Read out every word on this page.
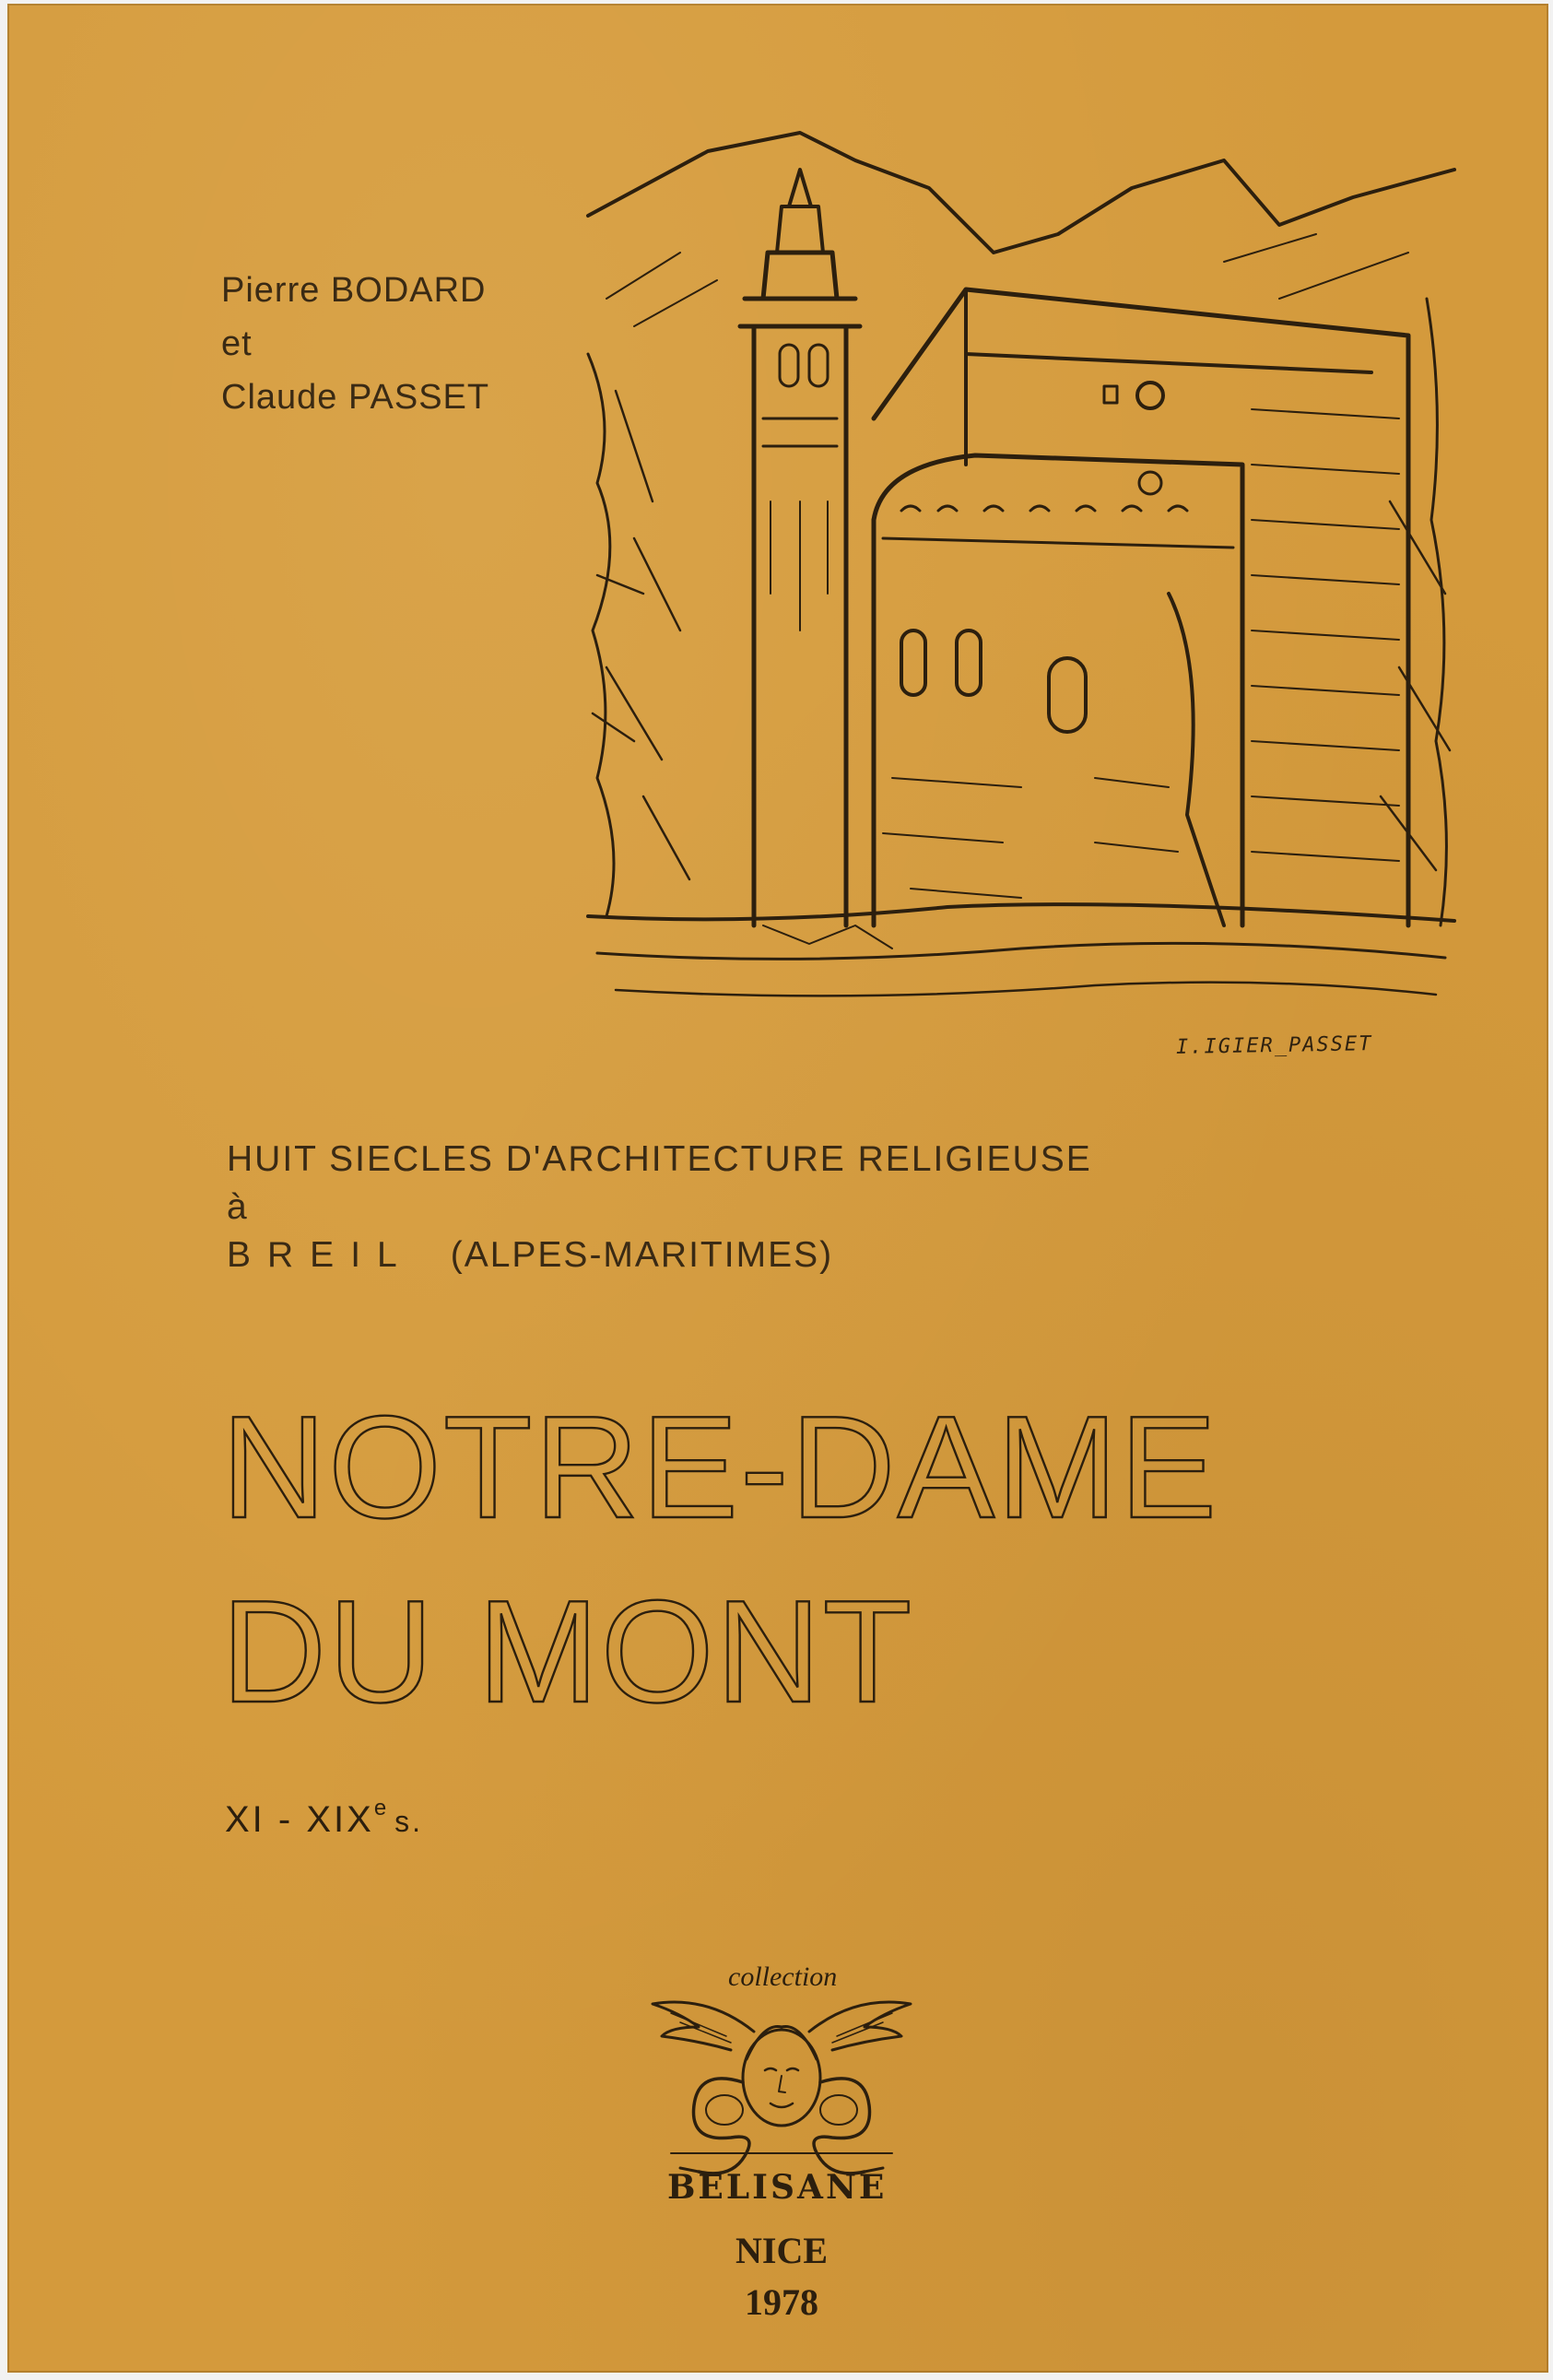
Pierre BODARD
et
Claude PASSET
I.IGIER_PASSET
HUIT SIECLES D'ARCHITECTURE RELIGIEUSE
à
BREIL (ALPES-MARITIMES)
NOTRE-DAME
DU MONT
XI - XIXe s.
collection
BELISANE
NICE
1978
